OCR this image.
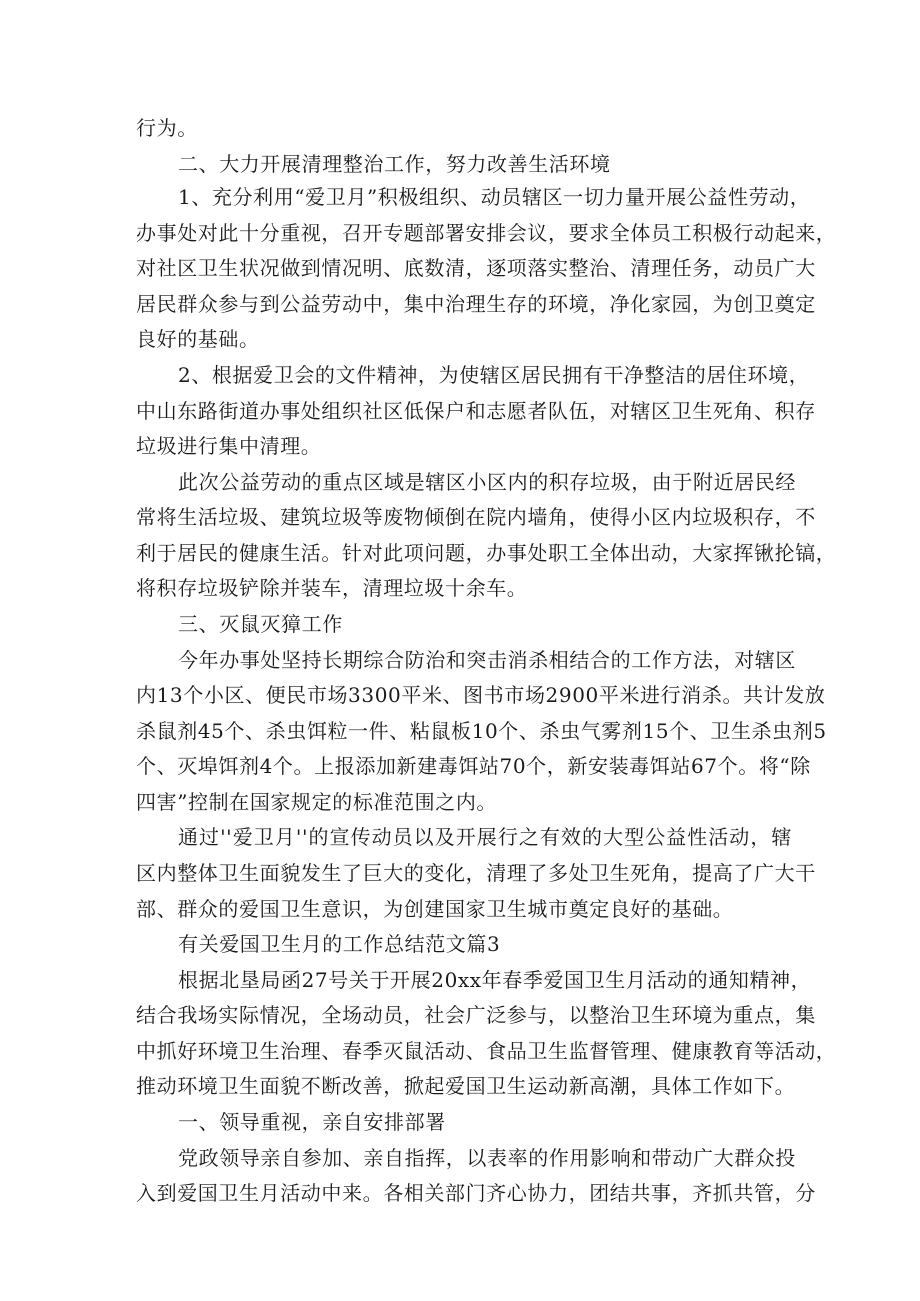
行为。
二、大力开展清理整治工作，努力改善生活环境
1、充分利用“爱卫月”积极组织、动员辖区一切力量开展公益性劳动，
办事处对此十分重视，召开专题部署安排会议，要求全体员工积极行动起来，
对社区卫生状况做到情况明、底数清，逐项落实整治、清理任务，动员广大
居民群众参与到公益劳动中，集中治理生存的环境，净化家园，为创卫奠定
良好的基础。
2、根据爱卫会的文件精神，为使辖区居民拥有干净整洁的居住环境，
中山东路街道办事处组织社区低保户和志愿者队伍，对辖区卫生死角、积存
垃圾进行集中清理。
此次公益劳动的重点区域是辖区小区内的积存垃圾，由于附近居民经
常将生活垃圾、建筑垃圾等废物倾倒在院内墙角，使得小区内垃圾积存，不
利于居民的健康生活。针对此项问题，办事处职工全体出动，大家挥锹抡镐，
将积存垃圾铲除并装车，清理垃圾十余车。
三、灭鼠灭獐工作
今年办事处坚持长期综合防治和突击消杀相结合的工作方法，对辖区
内13个小区、便民市场3300平米、图书市场2900平米进行消杀。共计发放
杀鼠剂45个、杀虫饵粒一件、粘鼠板10个、杀虫气雾剂15个、卫生杀虫剂5
个、灭埠饵剂4个。上报添加新建毒饵站70个，新安装毒饵站67个。将“除
四害”控制在国家规定的标准范围之内。
通过''爱卫月''的宣传动员以及开展行之有效的大型公益性活动，辖
区内整体卫生面貌发生了巨大的变化，清理了多处卫生死角，提高了广大干
部、群众的爱国卫生意识，为创建国家卫生城市奠定良好的基础。
有关爱国卫生月的工作总结范文篇3
根据北垦局函27号关于开展20xx年春季爱国卫生月活动的通知精神，
结合我场实际情况，全场动员，社会广泛参与，以整治卫生环境为重点，集
中抓好环境卫生治理、春季灭鼠活动、食品卫生监督管理、健康教育等活动，
推动环境卫生面貌不断改善，掀起爱国卫生运动新高潮，具体工作如下。
一、领导重视，亲自安排部署
党政领导亲自参加、亲自指挥，以表率的作用影响和带动广大群众投
入到爱国卫生月活动中来。各相关部门齐心协力，团结共事，齐抓共管，分
